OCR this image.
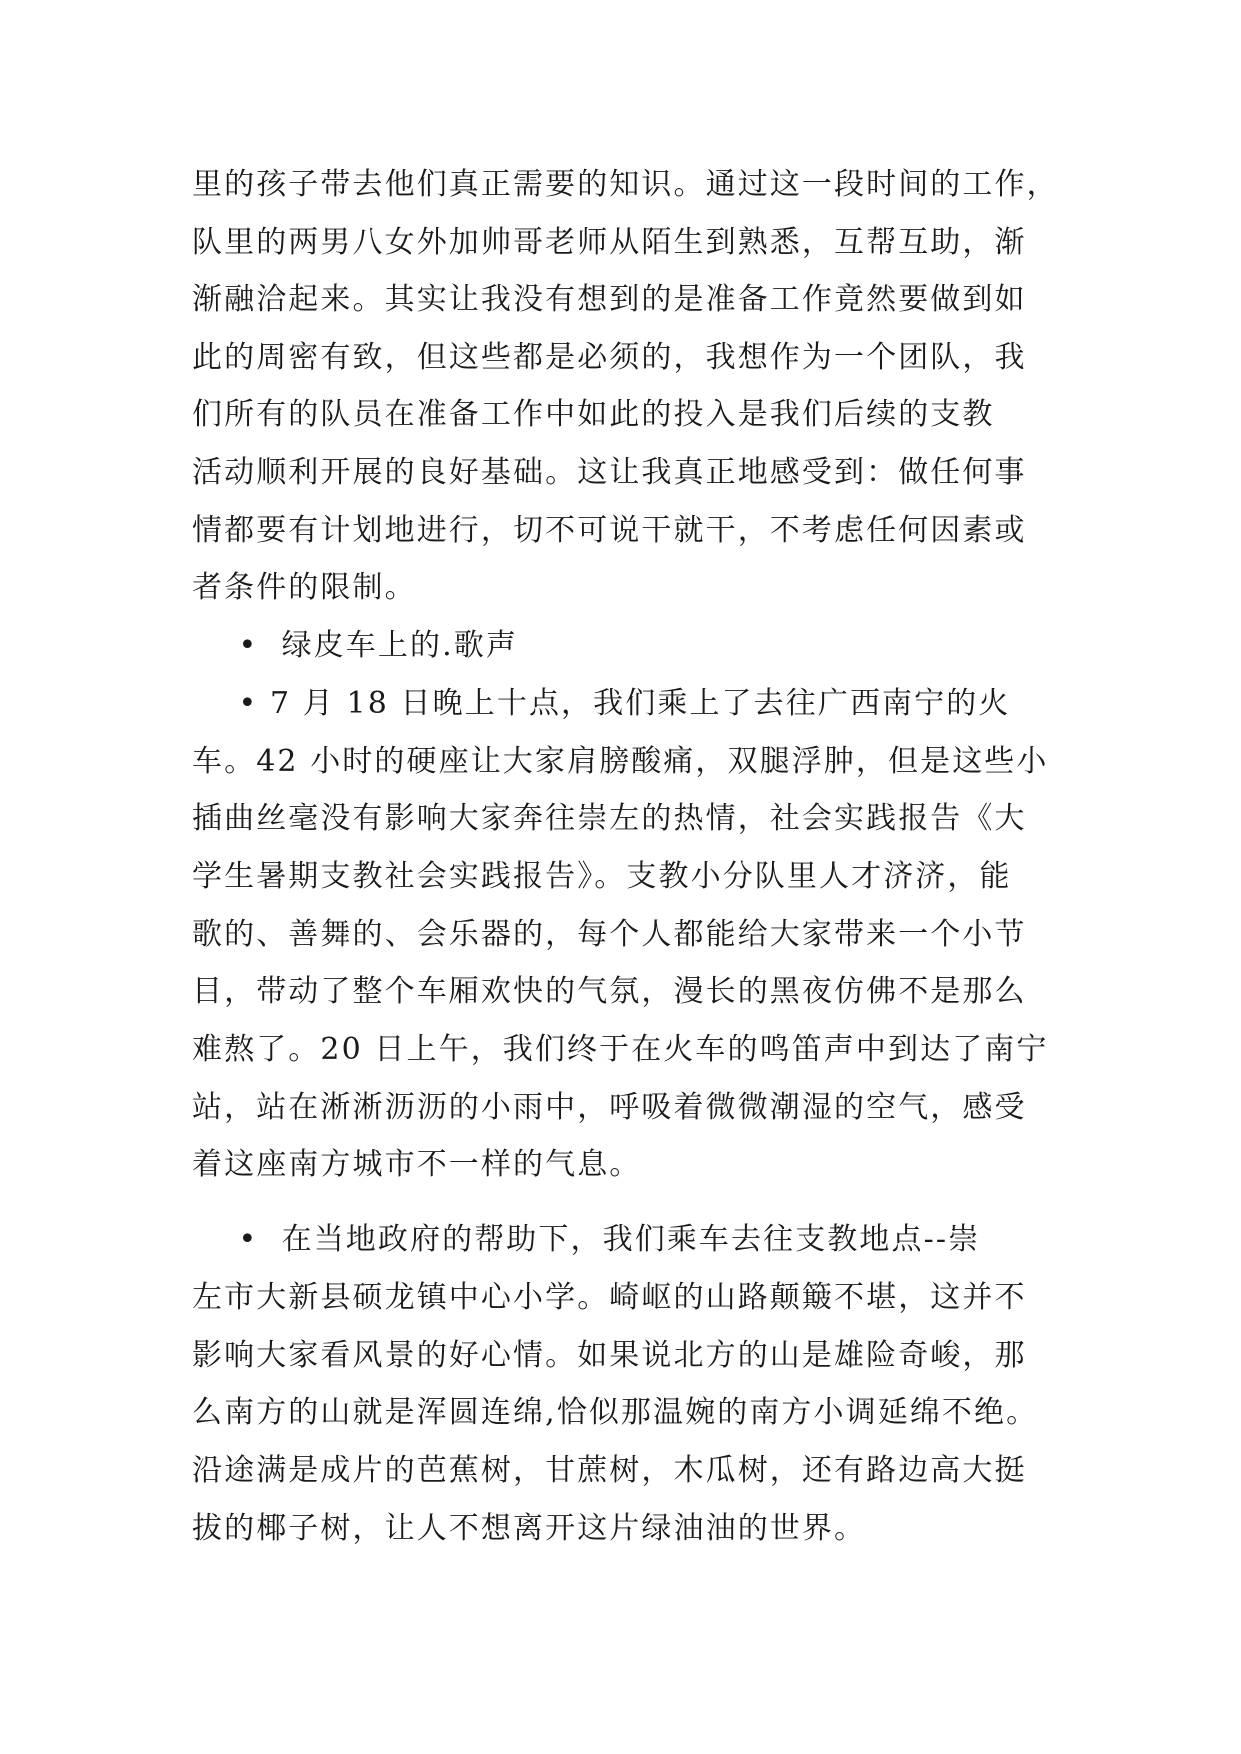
里的孩子带去他们真正需要的知识。通过这一段时间的工作，
队里的两男八女外加帅哥老师从陌生到熟悉，互帮互助，渐
渐融洽起来。其实让我没有想到的是准备工作竟然要做到如
此的周密有致，但这些都是必须的，我想作为一个团队，我
们所有的队员在准备工作中如此的投入是我们后续的支教
活动顺利开展的良好基础。这让我真正地感受到：做任何事
情都要有计划地进行，切不可说干就干，不考虑任何因素或
者条件的限制。
•  绿皮车上的.歌声
• 7 月 18 日晚上十点，我们乘上了去往广西南宁的火
车。42 小时的硬座让大家肩膀酸痛，双腿浮肿，但是这些小
插曲丝毫没有影响大家奔往崇左的热情，社会实践报告《大
学生暑期支教社会实践报告》。支教小分队里人才济济，能
歌的、善舞的、会乐器的，每个人都能给大家带来一个小节
目，带动了整个车厢欢快的气氛，漫长的黑夜仿佛不是那么
难熬了。20 日上午，我们终于在火车的鸣笛声中到达了南宁
站，站在淅淅沥沥的小雨中，呼吸着微微潮湿的空气，感受
着这座南方城市不一样的气息。
•  在当地政府的帮助下，我们乘车去往支教地点--崇
左市大新县硕龙镇中心小学。崎岖的山路颠簸不堪，这并不
影响大家看风景的好心情。如果说北方的山是雄险奇峻，那
么南方的山就是浑圆连绵,恰似那温婉的南方小调延绵不绝。
沿途满是成片的芭蕉树，甘蔗树，木瓜树，还有路边高大挺
拔的椰子树，让人不想离开这片绿油油的世界。
